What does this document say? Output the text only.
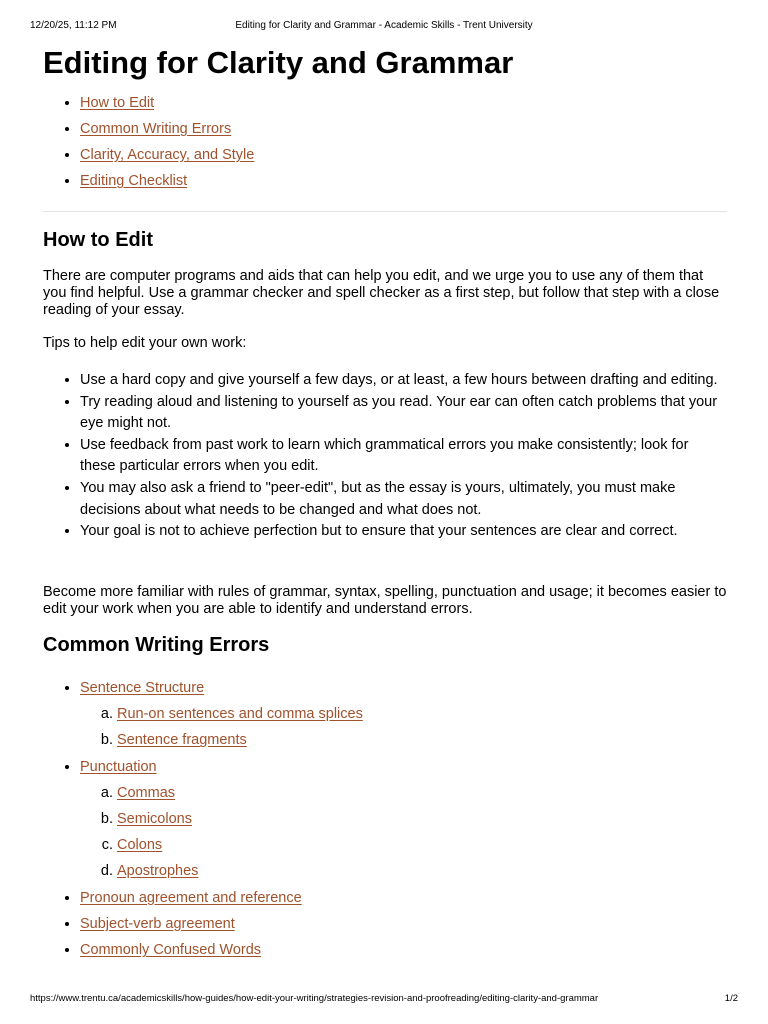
12/20/25, 11:12 PM	Editing for Clarity and Grammar - Academic Skills - Trent University
Editing for Clarity and Grammar
• How to Edit
• Common Writing Errors
• Clarity, Accuracy, and Style
• Editing Checklist
How to Edit

There are computer programs and aids that can help you edit, and we urge you to use any of them that you find helpful. Use a grammar checker and spell checker as a first step, but follow that step with a close reading of your essay.

Tips to help edit your own work:

• Use a hard copy and give yourself a few days, or at least, a few hours between drafting and editing.
• Try reading aloud and listening to yourself as you read. Your ear can often catch problems that your eye might not.
• Use feedback from past work to learn which grammatical errors you make consistently; look for these particular errors when you edit.
• You may also ask a friend to "peer-edit", but as the essay is yours, ultimately, you must make decisions about what needs to be changed and what does not.
• Your goal is not to achieve perfection but to ensure that your sentences are clear and correct.

Become more familiar with rules of grammar, syntax, spelling, punctuation and usage; it becomes easier to edit your work when you are able to identify and understand errors.

Common Writing Errors
• Sentence Structure
a. Run-on sentences and comma splices
b. Sentence fragments
• Punctuation
a. Commas
b. Semicolons
c. Colons
d. Apostrophes
• Pronoun agreement and reference
• Subject-verb agreement
• Commonly Confused Words
https://www.trentu.ca/academicskills/how-guides/how-edit-your-writing/strategies-revision-and-proofreading/editing-clarity-and-grammar	1/2
